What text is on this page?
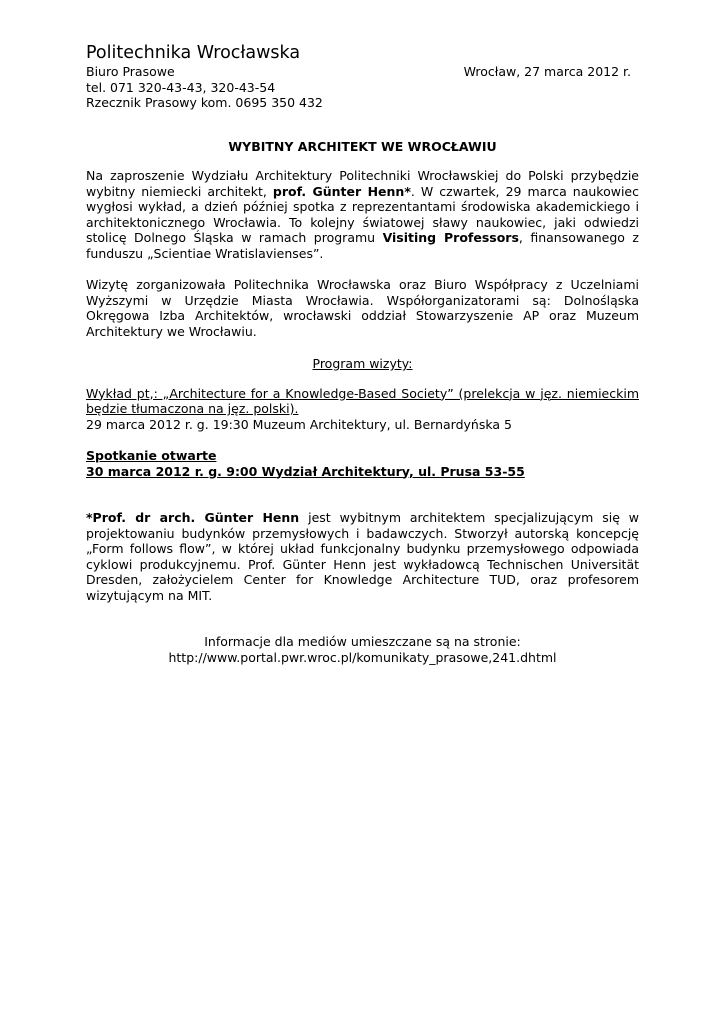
Politechnika Wrocławska
Biuro Prasowe	Wrocław, 27 marca 2012 r.
tel. 071 320-43-43, 320-43-54
Rzecznik Prasowy kom. 0695 350 432
WYBITNY ARCHITEKT WE WROCŁAWIU
Na zaproszenie Wydziału Architektury Politechniki Wrocławskiej do Polski przybędzie wybitny niemiecki architekt, prof. Günter Henn*. W czwartek, 29 marca naukowiec wygłosi wykład, a dzień później spotka z reprezentantami środowiska akademickiego i architektonicznego Wrocławia. To kolejny światowej sławy naukowiec, jaki odwiedzi stolicę Dolnego Śląska w ramach programu Visiting Professors, finansowanego z funduszu „Scientiae Wratislavienses”.
Wizytę zorganizowała Politechnika Wrocławska oraz Biuro Współpracy z Uczelniami Wyższymi w Urzędzie Miasta Wrocławia. Współorganizatorami są: Dolnośląska Okręgowa Izba Architektów, wrocławski oddział Stowarzyszenie AP oraz Muzeum Architektury we Wrocławiu.
Program wizyty:
Wykład pt,: „Architecture for a Knowledge-Based Society” (prelekcja w jęz. niemieckim będzie tłumaczona na jęz. polski).
29 marca 2012 r. g. 19:30 Muzeum Architektury, ul. Bernardyńska 5
Spotkanie otwarte
30 marca 2012 r. g. 9:00 Wydział Architektury, ul. Prusa 53-55
*Prof. dr arch. Günter Henn jest wybitnym architektem specjalizującym się w projektowaniu budynków przemysłowych i badawczych. Stworzył autorską koncepcję „Form follows flow”, w której układ funkcjonalny budynku przemysłowego odpowiada cyklowi produkcyjnemu. Prof. Günter Henn jest wykładowcą Technischen Universität Dresden, założycielem Center for Knowledge Architecture TUD, oraz profesorem wizytującym na MIT.
Informacje dla mediów umieszczane są na stronie:
http://www.portal.pwr.wroc.pl/komunikaty_prasowe,241.dhtml
